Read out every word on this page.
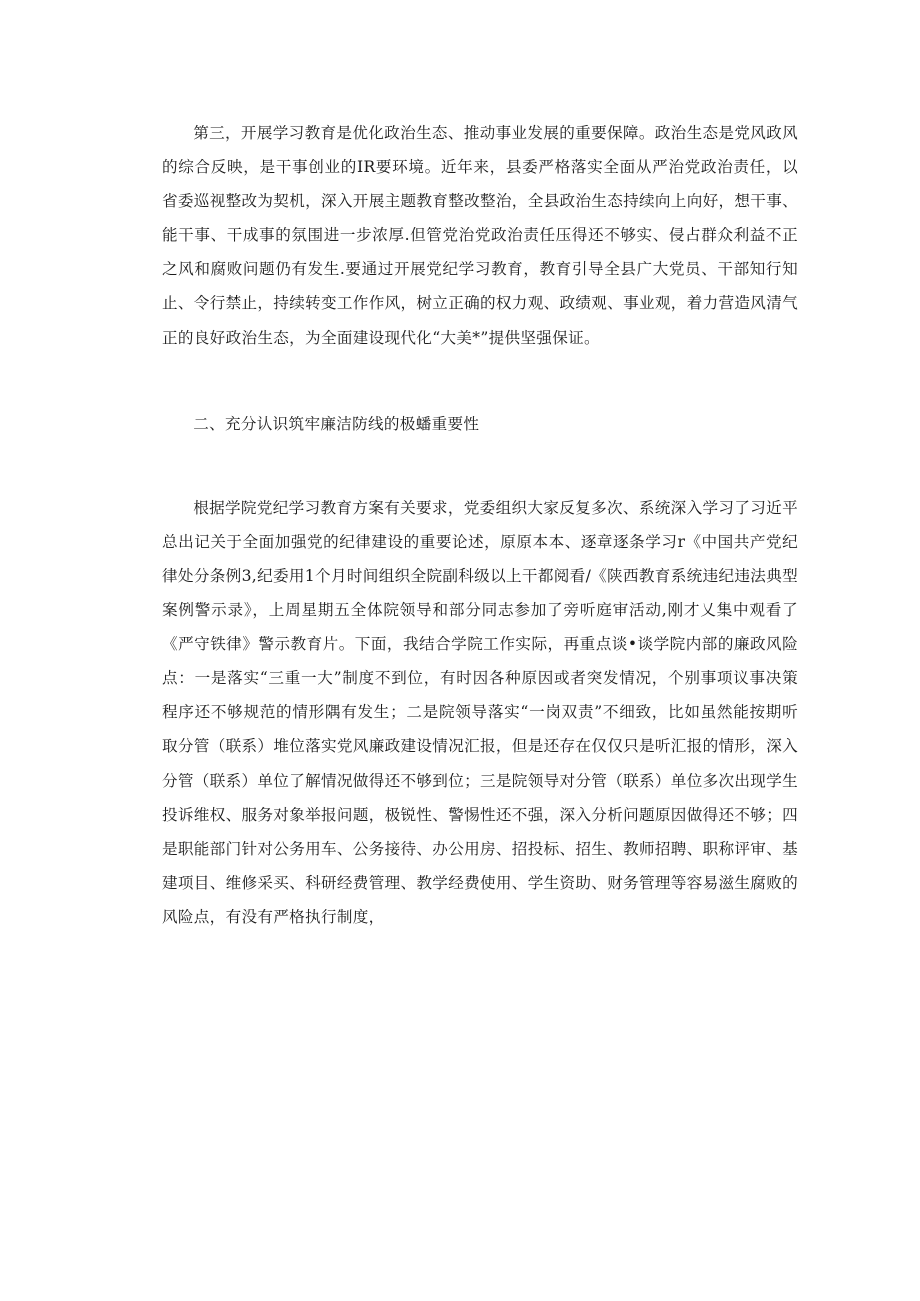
第三，开展学习教育是优化政治生态、推动事业发展的重要保障。政治生态是党风政风的综合反映，是干事创业的IR要环境。近年来，县委严格落实全面从严治党政治责任，以省委巡视整改为契机，深入开展主题教育整改整治，全县政治生态持续向上向好，想干事、能干事、干成事的氛围进一步浓厚.但管党治党政治责任压得还不够实、侵占群众利益不正之风和腐败问题仍有发生.要通过开展党纪学习教育，教育引导全县广大党员、干部知行知止、令行禁止，持续转变工作作风，树立正确的权力观、政绩观、事业观，着力营造风清气正的良好政治生态，为全面建设现代化“大美*”提供坚强保证。

二、充分认识筑牢廉洁防线的极蟠重要性

根据学院党纪学习教育方案有关要求，党委组织大家反复多次、系统深入学习了习近平总出记关于全面加强党的纪律建设的重要论述，原原本本、逐章逐条学习r《中国共产党纪律处分条例3,纪委用1个月时间组织全院副科级以上干都阅看/《陕西教育系统违纪违法典型案例警示录》，上周星期五全体院领导和部分同志参加了旁听庭审活动,刚才乂集中观看了《严守铁律》警示教育片。下面，我结合学院工作实际，再重点谈•谈学院内部的廉政风险点：一是落实“三重一大”制度不到位，有时因各种原因或者突发情况，个别事项议事决策程序还不够规范的情形隅有发生；二是院领导落实“一岗双责”不细致，比如虽然能按期听取分管（联系）堆位落实党风廉政建设情况汇报，但是还存在仅仅只是听汇报的情形，深入分管（联系）单位了解情况做得还不够到位；三是院领导对分管（联系）单位多次出现学生投诉维权、服务对象举报问题，极锐性、警惕性还不强，深入分析问题原因做得还不够；四是职能部门针对公务用车、公务接待、办公用房、招投标、招生、教师招聘、职称评审、基建项目、维修采买、科研经费管理、教学经费使用、学生资助、财务管理等容易滋生腐败的风险点，有没有严格执行制度，
